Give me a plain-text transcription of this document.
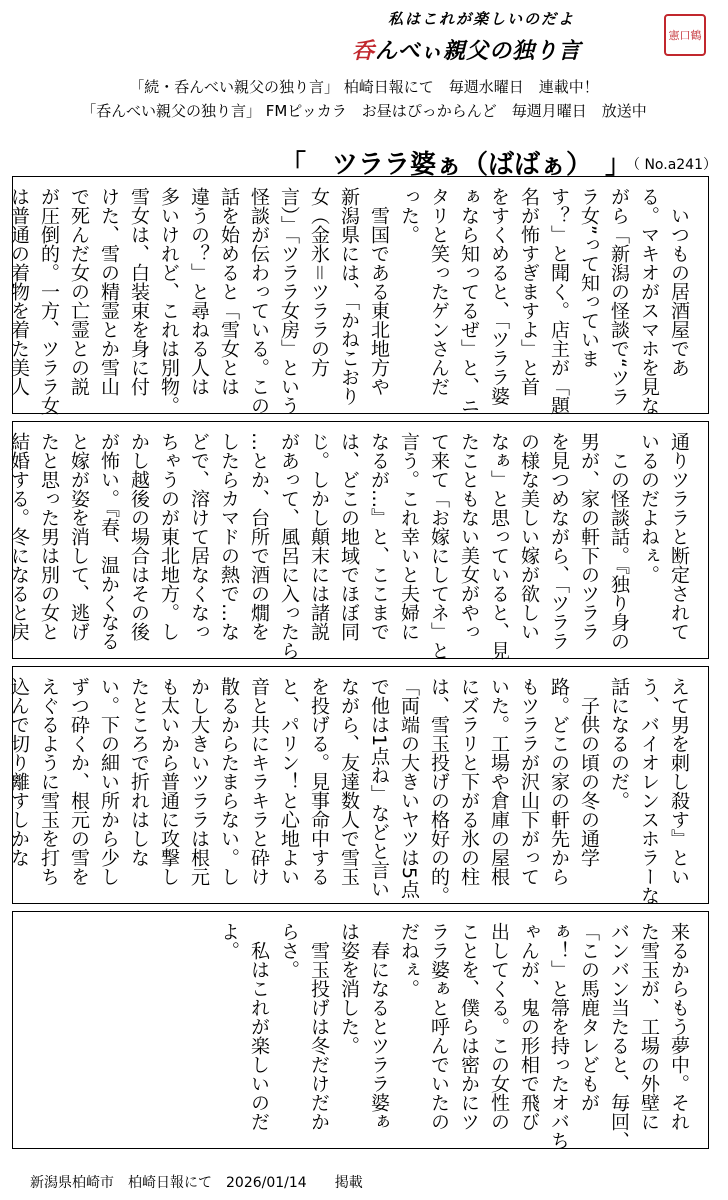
私はこれが楽しいのだよ
呑んべぃ親父の独り言
憲口鶴
「続・呑んべい親父の独り言」 柏崎日報にて　毎週水曜日　連載中！
「呑んべい親父の独り言」 FMピッカラ　お昼はぴっからんど　毎週月曜日　放送中
「　ツララ婆ぁ（ばばぁ）　」
（ No.a241）
　いつもの居酒屋であ
る。マキオがスマホを見な
がら「新潟の怪談で“ツラ
ラ女”って知っていま
す？」と聞く。店主が「題
名が怖すぎますよ」と首
をすくめると、「ツララ婆
ぁなら知ってるぜ」と、ニ
タリと笑ったゲンさんだ
った。
　雪国である東北地方や
新潟県には、「かねこおり
女（金氷＝ツララの方
言）」「ツララ女房」という
怪談が伝わっている。この
話を始めると「雪女とは
違うの？」と尋ねる人は
多いけれど、これは別物。
雪女は、白装束を身に付
けた、雪の精霊とか雪山
で死んだ女の亡霊との説
が圧倒的。一方、ツララ女
は普通の着物を着た美人

通りツララと断定されて
いるのだよねぇ。
　この怪談話。『独り身の
男が、家の軒下のツララ
を見つめながら、「ツララ
の様な美しい嫁が欲しい
なぁ」と思っていると、見
たこともない美女がやっ
て来て「お嫁にしてネ」と
言う。これ幸いと夫婦に
なるが…』と、ここまで
は、どこの地域でほぼ同
じ。しかし顛末には諸説
があって、風呂に入ったら
…とか、台所で酒の燗を
したらカマドの熱で…な
どで、溶けて居なくなっ
ちゃうのが東北地方。し
かし越後の場合はその後
が怖い。『春、温かくなる
と嫁が姿を消して、逃げ
たと思った男は別の女と
結婚する。冬になると戻

えて男を刺し殺す』とい
う、バイオレンスホラーな
話になるのだ。
　子供の頃の冬の通学
路。どこの家の軒先から
もツララが沢山下がって
いた。工場や倉庫の屋根
にズラリと下がる氷の柱
は、雪玉投げの格好の的。
「両端の大きいヤツは5点
で他は1点ね」などと言い
ながら、友達数人で雪玉
を投げる。見事命中する
と、パリン！と心地よい
音と共にキラキラと砕け
散るからたまらない。し
かし大きいツララは根元
も太いから普通に攻撃し
たところで折れはしな
い。下の細い所から少し
ずつ砕くか、根元の雪を
えぐるように雪玉を打ち
込んで切り離すしかな

来るからもう夢中。それ
た雪玉が、工場の外壁に
バンバン当たると、毎回、
「この馬鹿タレどもが
ぁ！」と箒を持ったオバち
ゃんが、鬼の形相で飛び
出してくる。この女性の
ことを、僕らは密かにツ
ララ婆ぁと呼んでいたの
だねぇ。
　春になるとツララ婆ぁ
は姿を消した。
　雪玉投げは冬だけだか
らさ。
　私はこれが楽しいのだ
よ。
新潟県柏崎市　柏崎日報にて　2026/01/14　　掲載
